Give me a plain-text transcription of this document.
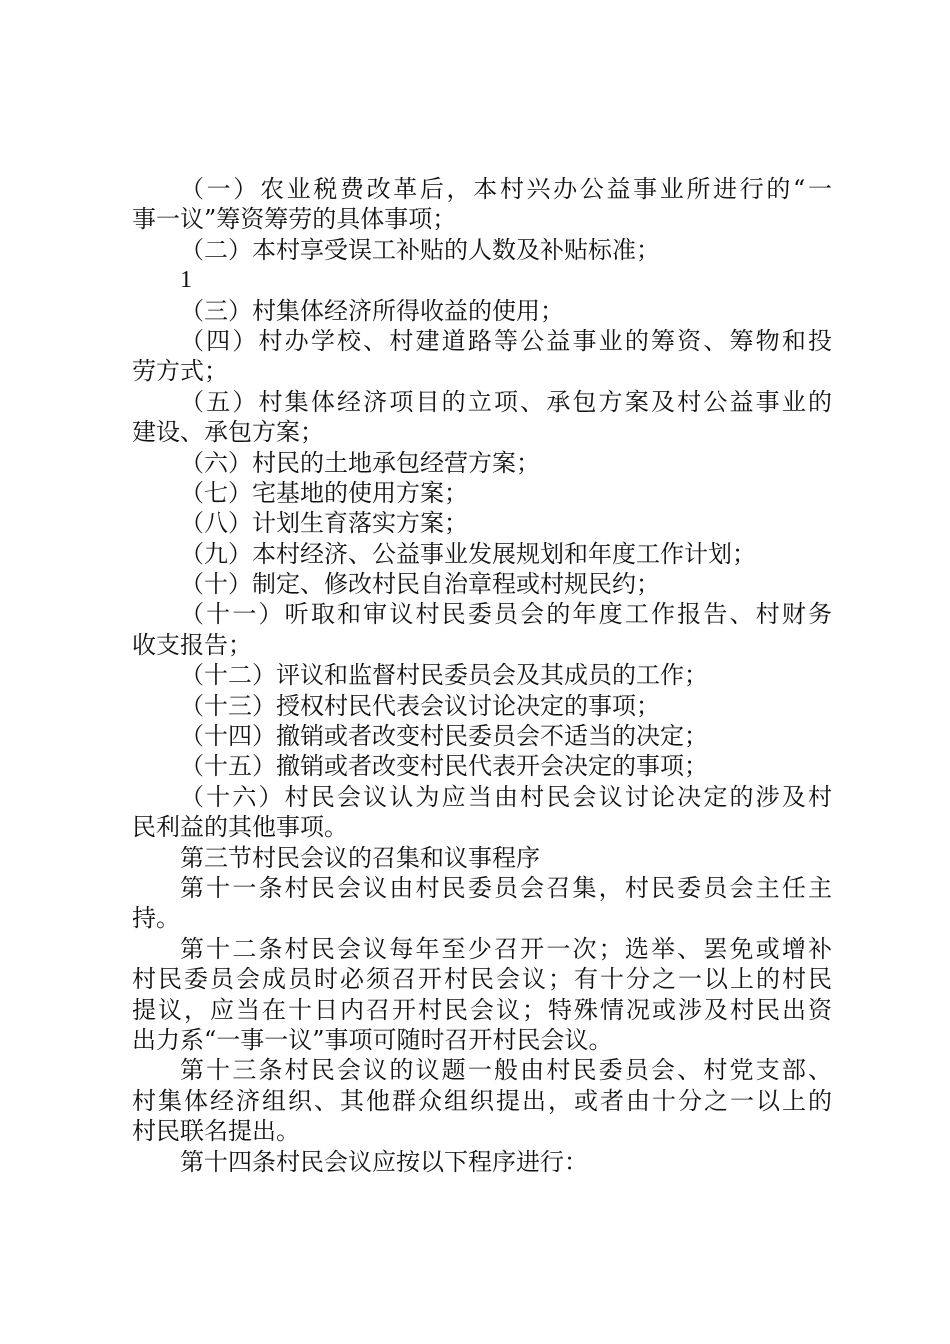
（一）农业税费改革后，本村兴办公益事业所进行的“一
事一议”筹资筹劳的具体事项；
（二）本村享受误工补贴的人数及补贴标准；
1
（三）村集体经济所得收益的使用；
（四）村办学校、村建道路等公益事业的筹资、筹物和投
劳方式；
（五）村集体经济项目的立项、承包方案及村公益事业的
建设、承包方案；
（六）村民的土地承包经营方案；
（七）宅基地的使用方案；
（八）计划生育落实方案；
（九）本村经济、公益事业发展规划和年度工作计划；
（十）制定、修改村民自治章程或村规民约；
（十一）听取和审议村民委员会的年度工作报告、村财务
收支报告；
（十二）评议和监督村民委员会及其成员的工作；
（十三）授权村民代表会议讨论决定的事项；
（十四）撤销或者改变村民委员会不适当的决定；
（十五）撤销或者改变村民代表开会决定的事项；
（十六）村民会议认为应当由村民会议讨论决定的涉及村
民利益的其他事项。
第三节村民会议的召集和议事程序
第十一条村民会议由村民委员会召集，村民委员会主任主
持。
第十二条村民会议每年至少召开一次；选举、罢免或增补
村民委员会成员时必须召开村民会议；有十分之一以上的村民
提议，应当在十日内召开村民会议；特殊情况或涉及村民出资
出力系“一事一议”事项可随时召开村民会议。
第十三条村民会议的议题一般由村民委员会、村党支部、
村集体经济组织、其他群众组织提出，或者由十分之一以上的
村民联名提出。
第十四条村民会议应按以下程序进行：
